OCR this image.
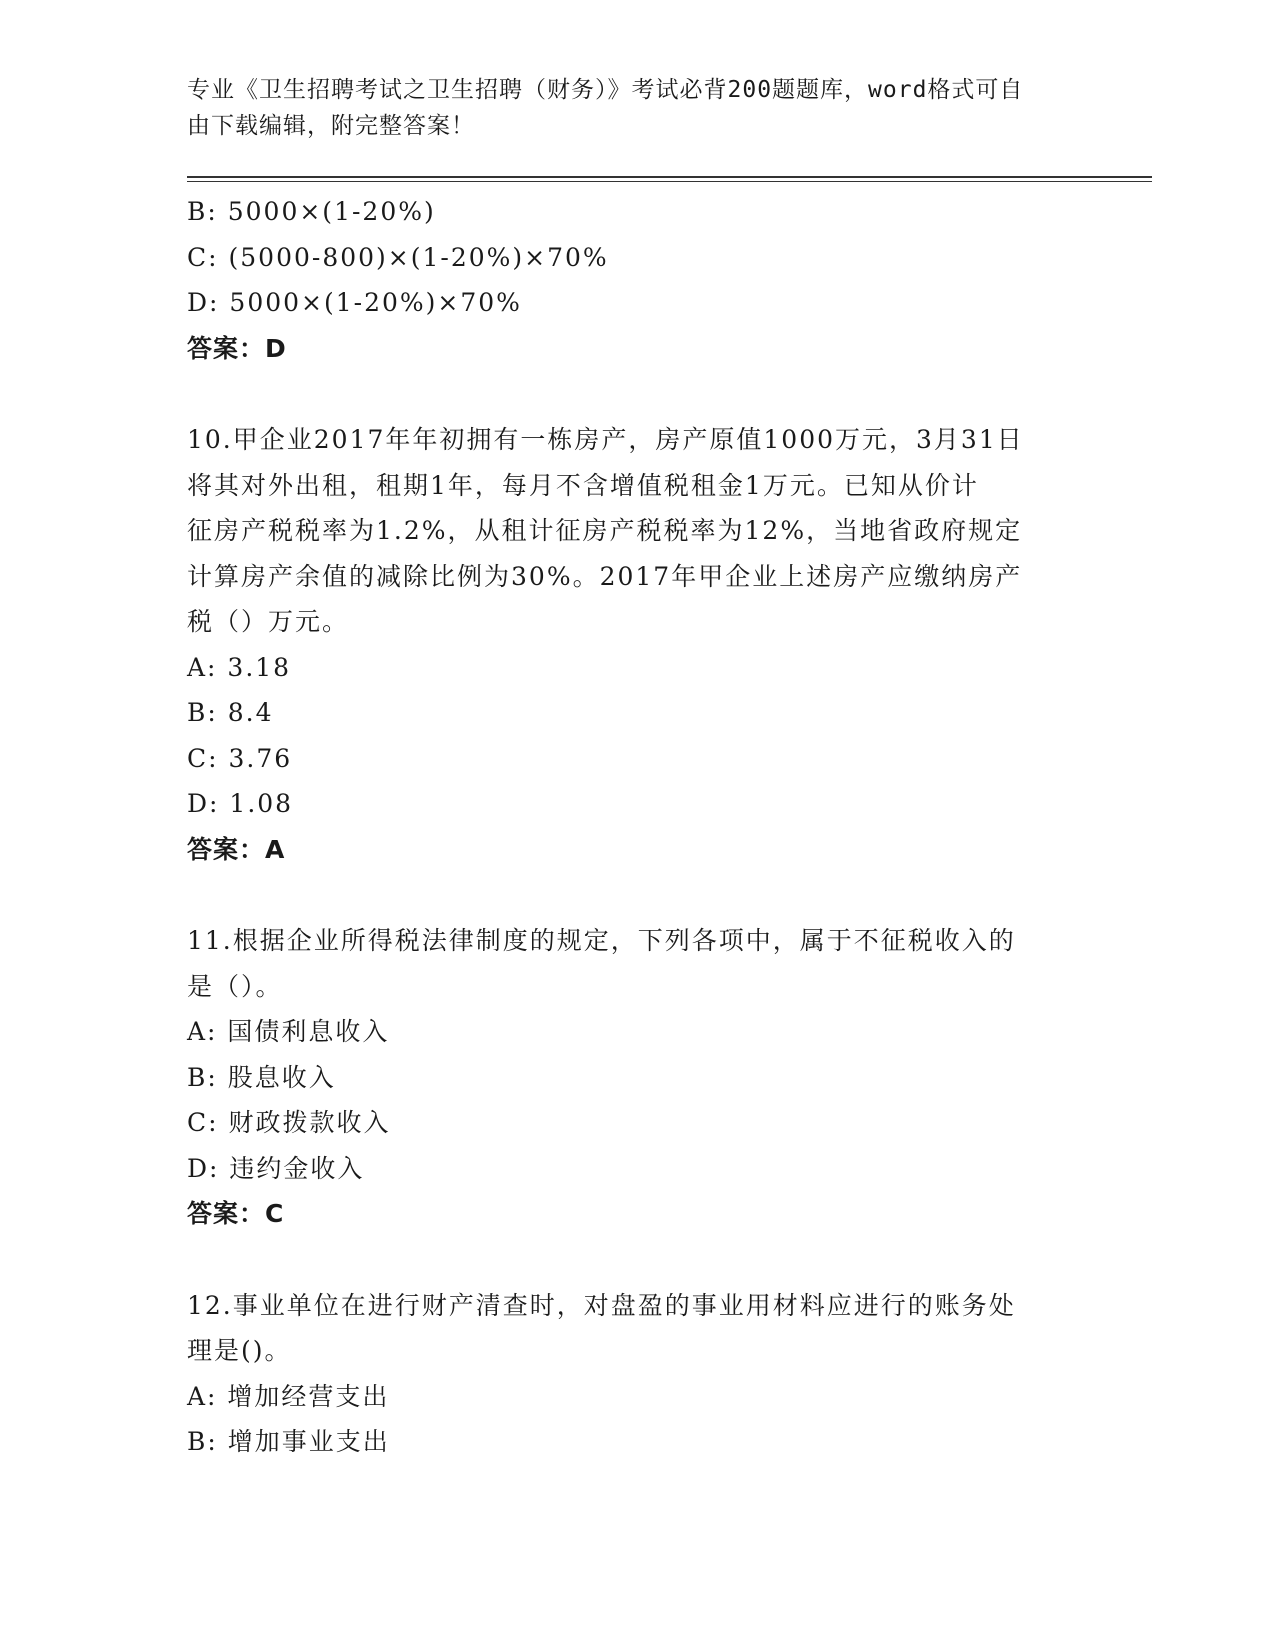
专业《卫生招聘考试之卫生招聘（财务）》考试必背200题题库，word格式可自
由下载编辑，附完整答案！
B: 5000×(1-20%)
C: (5000-800)×(1-20%)×70%
D: 5000×(1-20%)×70%
答案：D
10.甲企业2017年年初拥有一栋房产，房产原值1000万元，3月31日
将其对外出租，租期1年，每月不含增值税租金1万元。已知从价计
征房产税税率为1.2%，从租计征房产税税率为12%，当地省政府规定
计算房产余值的减除比例为30%。2017年甲企业上述房产应缴纳房产
税（）万元。
A: 3.18
B: 8.4
C: 3.76
D: 1.08
答案：A
11.根据企业所得税法律制度的规定，下列各项中，属于不征税收入的
是（）。
A: 国债利息收入
B: 股息收入
C: 财政拨款收入
D: 违约金收入
答案：C
12.事业单位在进行财产清查时，对盘盈的事业用材料应进行的账务处
理是()。
A: 增加经营支出
B: 增加事业支出
